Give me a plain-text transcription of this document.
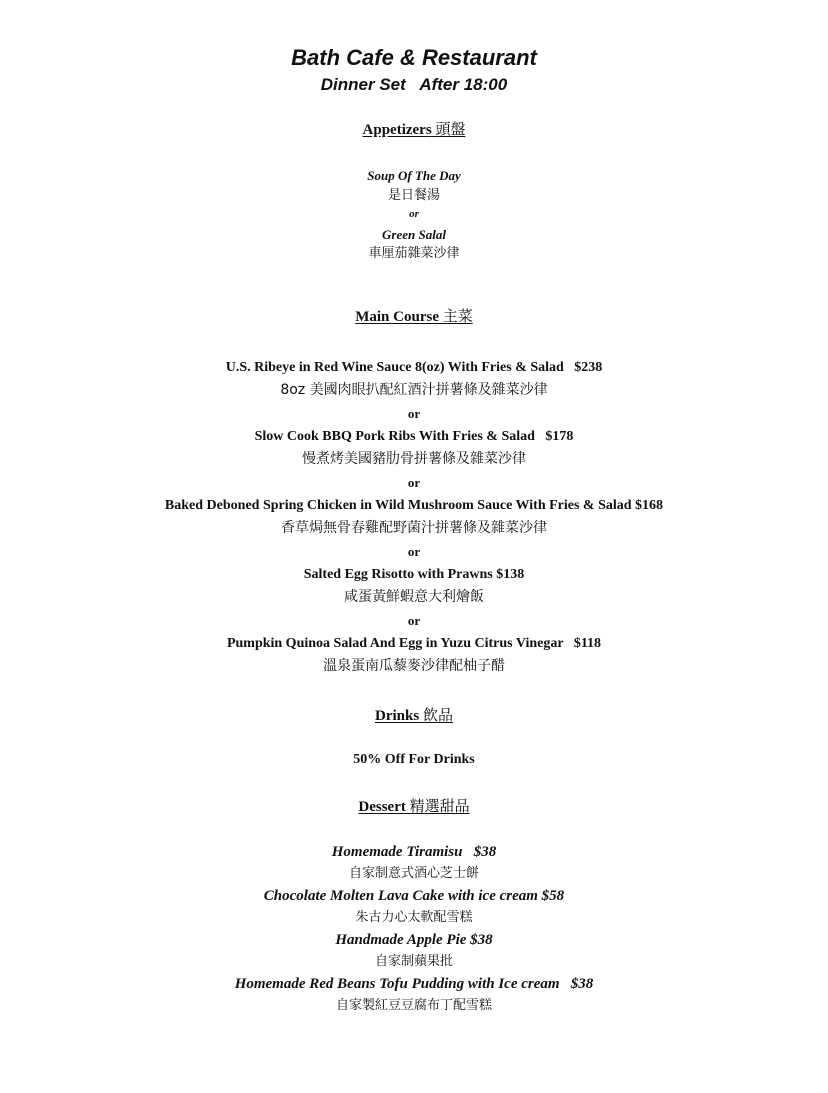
Bath Cafe & Restaurant
Dinner Set   After 18:00
Appetizers 頭盤
Soup Of The Day
是日餐湯
or
Green Salal
車厘茄雜菜沙律
Main Course 主菜
U.S. Ribeye in Red Wine Sauce 8(oz) With Fries & Salad   $238
8oz 美國肉眼扒配紅酒汁拼薯條及雜菜沙律
or
Slow Cook BBQ Pork Ribs With Fries & Salad   $178
慢煮烤美國豬肋骨拼薯條及雜菜沙律
or
Baked Deboned Spring Chicken in Wild Mushroom Sauce With Fries & Salad $168
香草焗無骨春雞配野菌汁拼薯條及雜菜沙律
or
Salted Egg Risotto with Prawns $138
咸蛋黃鮮蝦意大利燴飯
or
Pumpkin Quinoa Salad And Egg in Yuzu Citrus Vinegar   $118
溫泉蛋南瓜藜麥沙律配柚子醋
Drinks 飲品
50% Off For Drinks
Dessert 精選甜品
Homemade Tiramisu   $38
自家制意式酒心芝士餅
Chocolate Molten Lava Cake with ice cream $58
朱古力心太軟配雪糕
Handmade Apple Pie $38
自家制蘋果批
Homemade Red Beans Tofu Pudding with Ice cream   $38
自家製紅豆豆腐布丁配雪糕
